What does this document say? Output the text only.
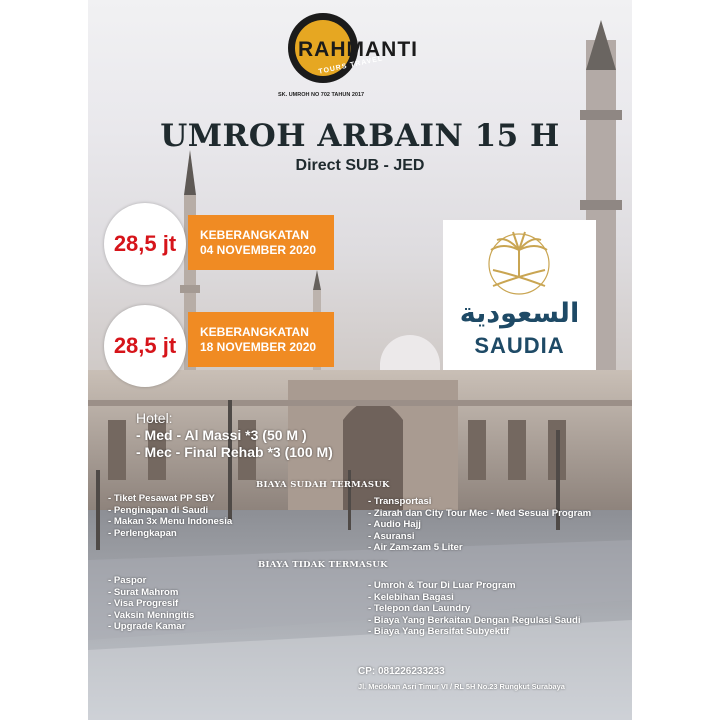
RAHMANTI
TOURS TRAVEL
SK. UMROH NO 702 TAHUN 2017
UMROH ARBAIN 15 H
Direct SUB - JED
KEBERANGKATAN
04 NOVEMBER 2020
28,5 jt
KEBERANGKATAN
18 NOVEMBER 2020
28,5 jt
السعودية
SAUDIA
Hotel:
- Med - Al Massi *3 (50 M )
- Mec - Final Rehab *3 (100 M)
BIAYA SUDAH TERMASUK
- Tiket Pesawat PP SBY
- Penginapan di Saudi
- Makan 3x Menu Indonesia
- Perlengkapan
- Transportasi
- Ziarah dan City Tour Mec - Med Sesuai Program
- Audio Hajj
- Asuransi
- Air Zam-zam 5 Liter
BIAYA TIDAK TERMASUK
- Paspor
- Surat Mahrom
- Visa Progresif
- Vaksin Meningitis
- Upgrade Kamar
- Umroh & Tour Di Luar Program
- Kelebihan Bagasi
- Telepon dan Laundry
- Biaya Yang Berkaitan Dengan Regulasi Saudi
- Biaya Yang Bersifat Subyektif
CP: 081226233233
Jl. Medokan Asri Timur VI / RL 5H No.23 Rungkut Surabaya
